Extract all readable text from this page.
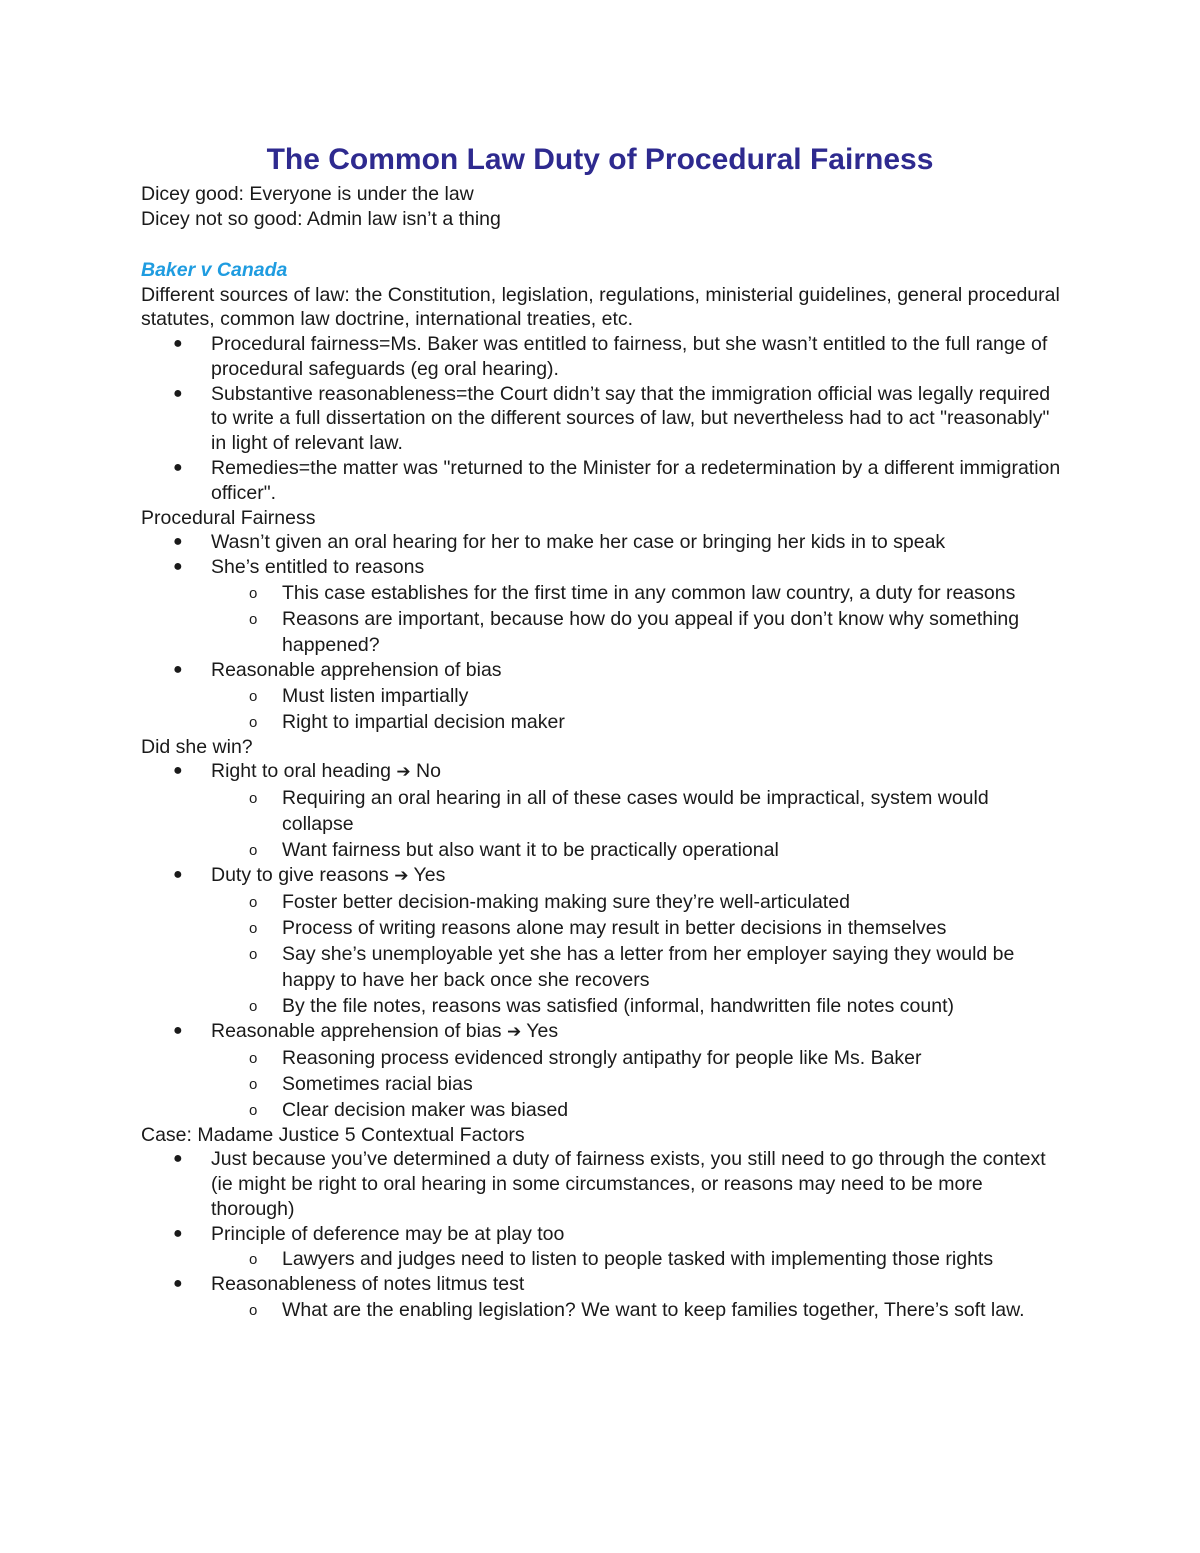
The Common Law Duty of Procedural Fairness

Dicey good: Everyone is under the law

Dicey not so good: Admin law isn’t a thing

Baker v Canada

Different sources of law: the Constitution, legislation, regulations, ministerial guidelines, general procedural statutes, common law doctrine, international treaties, etc.

● Procedural fairness=Ms. Baker was entitled to fairness, but she wasn’t entitled to the full range of procedural safeguards (eg oral hearing).
● Substantive reasonableness=the Court didn’t say that the immigration official was legally required to write a full dissertation on the different sources of law, but nevertheless had to act "reasonably" in light of relevant law.
● Remedies=the matter was "returned to the Minister for a redetermination by a different immigration officer".

Procedural Fairness

● Wasn’t given an oral hearing for her to make her case or bringing her kids in to speak
● She’s entitled to reasons
o This case establishes for the first time in any common law country, a duty for reasons
o Reasons are important, because how do you appeal if you don’t know why something happened?
● Reasonable apprehension of bias
o Must listen impartially
o Right to impartial decision maker

Did she win?

● Right to oral heading ➔ No
o Requiring an oral hearing in all of these cases would be impractical, system would collapse
o Want fairness but also want it to be practically operational
● Duty to give reasons ➔ Yes
o Foster better decision-making making sure they’re well-articulated
o Process of writing reasons alone may result in better decisions in themselves
o Say she’s unemployable yet she has a letter from her employer saying they would be happy to have her back once she recovers
o By the file notes, reasons was satisfied (informal, handwritten file notes count)
● Reasonable apprehension of bias ➔ Yes
o Reasoning process evidenced strongly antipathy for people like Ms. Baker
o Sometimes racial bias
o Clear decision maker was biased

Case: Madame Justice 5 Contextual Factors

● Just because you’ve determined a duty of fairness exists, you still need to go through the context (ie might be right to oral hearing in some circumstances, or reasons may need to be more thorough)
● Principle of deference may be at play too
o Lawyers and judges need to listen to people tasked with implementing those rights
● Reasonableness of notes litmus test
o What are the enabling legislation? We want to keep families together, There’s soft law.
